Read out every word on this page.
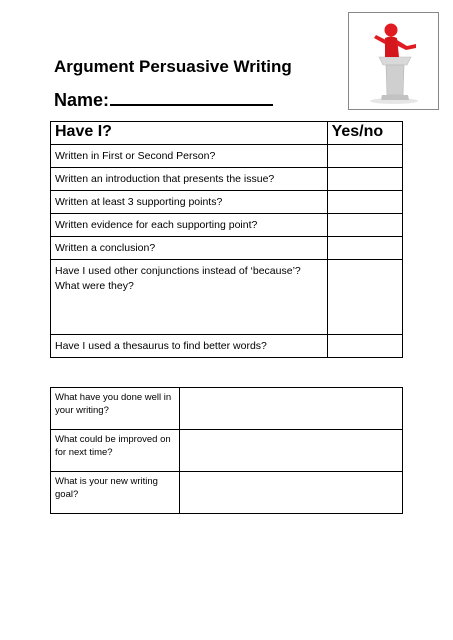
Argument Persuasive Writing
Name:
Have I?	Yes/no
Written in First or Second Person?	
Written an introduction that presents the issue?	
Written at least 3 supporting points?	
Written evidence for each supporting point?	
Written a conclusion?	
Have I used other conjunctions instead of ‘because’? What were they?	
Have I used a thesaurus to find better words?	
What have you done well in your writing?	
What could be improved on for next time?	
What is your new writing goal?	
